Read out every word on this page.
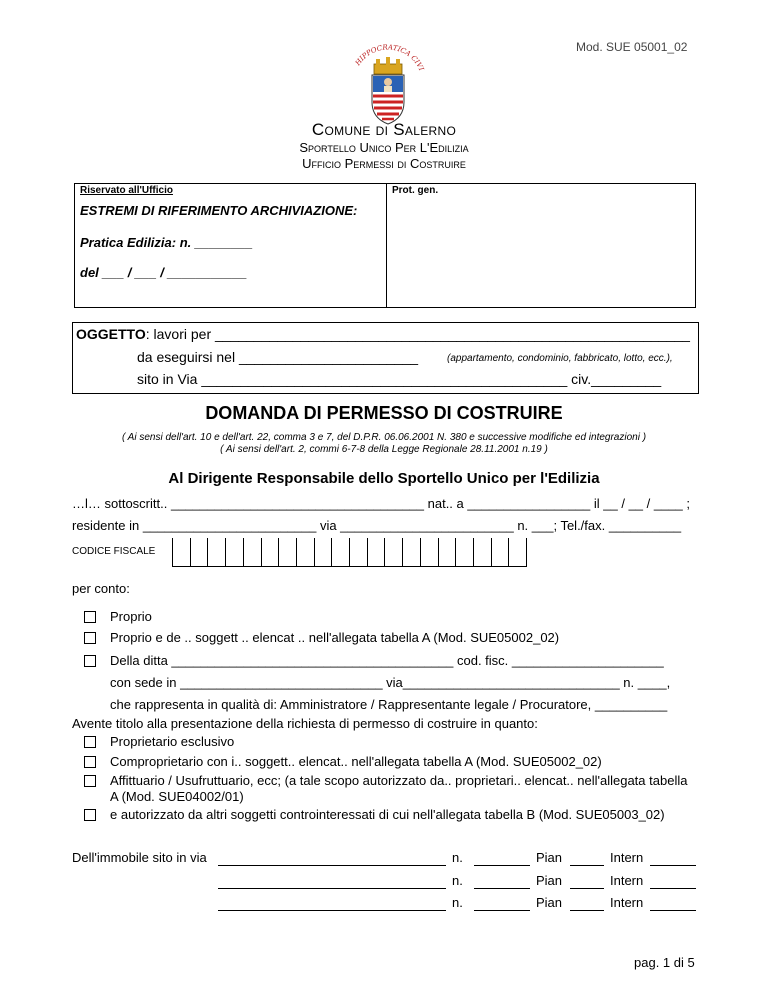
Mod. SUE 05001_02
HIPPOCRATICA CIVI
Comune di Salerno
Sportello Unico Per L'Edilizia
Ufficio Permessi di Costruire
Riservato all'Ufficio	Prot. gen.
ESTREMI DI RIFERIMENTO ARCHIVIAZIONE:
Pratica Edilizia: n. ________
del ___ / ___ / ___________
OGGETTO: lavori per _____________________________________________________________
da eseguirsi nel _______________________	(appartamento, condominio, fabbricato, lotto, ecc.),
sito in Via _______________________________________________ civ._________
DOMANDA DI PERMESSO DI COSTRUIRE
( Ai sensi dell'art. 10 e dell'art. 22, comma 3 e 7, del D.P.R. 06.06.2001 N. 380 e successive modifiche ed integrazioni )
( Ai sensi dell'art. 2, commi 6-7-8 della Legge Regionale 28.11.2001 n.19 )
Al Dirigente Responsabile dello Sportello Unico per l'Edilizia
…l… sottoscritt.. ___________________________________ nat.. a _________________ il __ / __ / ____ ;
residente in ________________________ via ________________________ n. ___; Tel./fax. __________
CODICE FISCALE
per conto:
Proprio
Proprio e de .. soggett .. elencat .. nell'allegata tabella A (Mod. SUE05002_02)
Della ditta _______________________________________ cod. fisc. _____________________
con sede in ____________________________ via______________________________ n. ____,
che rappresenta in qualità di: Amministratore / Rappresentante legale / Procuratore, __________
Avente titolo alla presentazione della richiesta di permesso di costruire in quanto:
Proprietario esclusivo
Comproprietario con i.. soggett.. elencat.. nell'allegata tabella A (Mod. SUE05002_02)
Affittuario / Usufruttuario, ecc; (a tale scopo autorizzato da.. proprietari.. elencat.. nell'allegata tabella
A (Mod. SUE04002/01)
e autorizzato da altri soggetti controinteressati di cui nell'allegata tabella B (Mod. SUE05003_02)
Dell'immobile sito in via	n.	Pian	Intern
n.	Pian	Intern
n.	Pian	Intern
pag. 1 di 5
